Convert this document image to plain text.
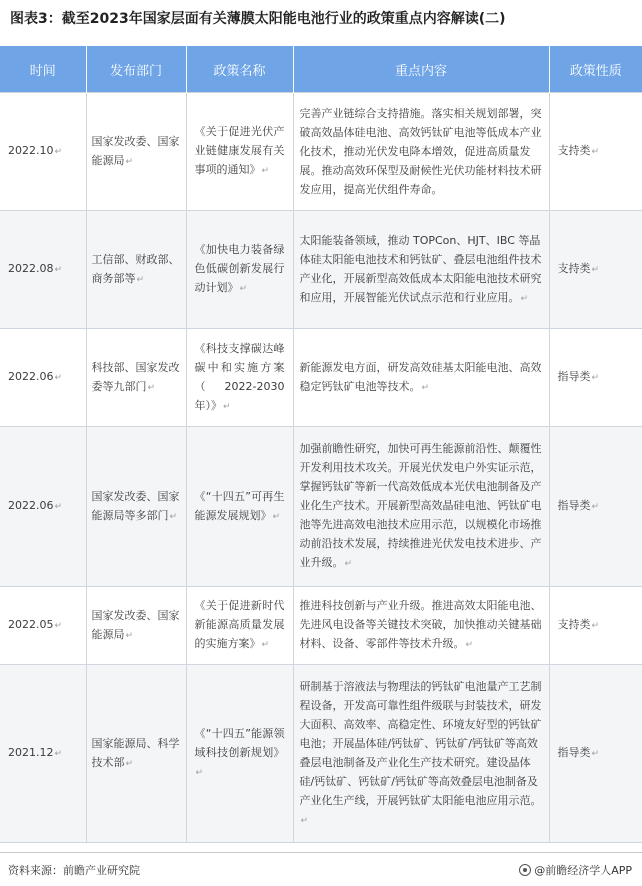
图表3：截至2023年国家层面有关薄膜太阳能电池行业的政策重点内容解读(二)
时间	发布部门	政策名称	重点内容	政策性质
2022.10↵	国家发改委、国家能源局↵	《关于促进光伏产业链健康发展有关事项的通知》↵	完善产业链综合支持措施。落实相关规划部署，突破高效晶体硅电池、高效钙钛矿电池等低成本产业化技术，推动光伏发电降本增效，促进高质量发展。推动高效环保型及耐候性光伏功能材料技术研发应用，提高光伏组件寿命。	支持类↵
2022.08↵	工信部、财政部、商务部等↵	《加快电力装备绿色低碳创新发展行动计划》↵	太阳能装备领域，推动 TOPCon、HJT、IBC 等晶体硅太阳能电池技术和钙钛矿、叠层电池组件技术产业化，开展新型高效低成本太阳能电池技术研究和应用，开展智能光伏试点示范和行业应用。↵	支持类↵
2022.06↵	科技部、国家发改委等九部门↵	《科技支撑碳达峰碳中和实施方案（2022-2030年）》↵	新能源发电方面，研发高效硅基太阳能电池、高效稳定钙钛矿电池等技术。↵	指导类↵
2022.06↵	国家发改委、国家能源局等多部门↵	《“十四五”可再生能源发展规划》↵	加强前瞻性研究，加快可再生能源前沿性、颠覆性开发利用技术攻关。开展光伏发电户外实证示范，掌握钙钛矿等新一代高效低成本光伏电池制备及产业化生产技术。开展新型高效晶硅电池、钙钛矿电池等先进高效电池技术应用示范，以规模化市场推动前沿技术发展，持续推进光伏发电技术进步、产业升级。↵	指导类↵
2022.05↵	国家发改委、国家能源局↵	《关于促进新时代新能源高质量发展的实施方案》↵	推进科技创新与产业升级。推进高效太阳能电池、先进风电设备等关键技术突破，加快推动关键基础材料、设备、零部件等技术升级。↵	支持类↵
2021.12↵	国家能源局、科学技术部↵	《“十四五”能源领域科技创新规划》↵	研制基于溶液法与物理法的钙钛矿电池量产工艺制程设备，开发高可靠性组件级联与封装技术，研发大面积、高效率、高稳定性、环境友好型的钙钛矿电池；开展晶体硅/钙钛矿、钙钛矿/钙钛矿等高效叠层电池制备及产业化生产技术研究。建设晶体硅/钙钛矿、钙钛矿/钙钛矿等高效叠层电池制备及产业化生产线，开展钙钛矿太阳能电池应用示范。↵	指导类↵
资料来源：前瞻产业研究院	@前瞻经济学人APP
